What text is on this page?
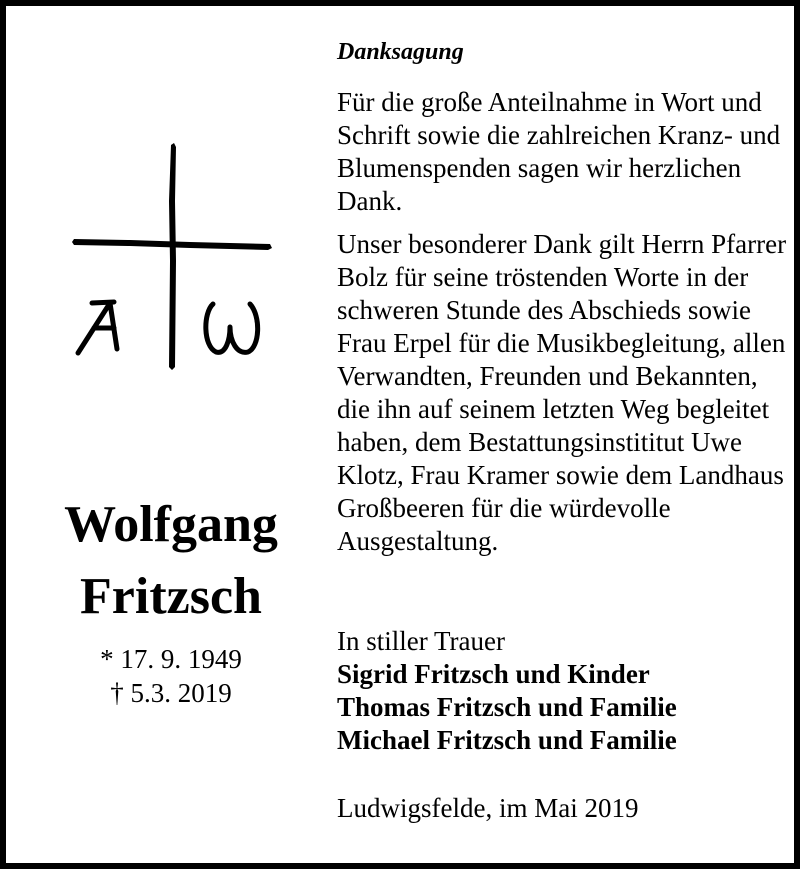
Wolfgang
Fritzsch
* 17. 9. 1949
† 5.3. 2019
Danksagung

Für die große Anteilnahme in Wort und Schrift sowie die zahlreichen Kranz- und Blumenspenden sagen wir herzlichen Dank.

Unser besonderer Dank gilt Herrn Pfarrer Bolz für seine tröstenden Worte in der schweren Stunde des Abschieds sowie Frau Erpel für die Musikbegleitung, allen Verwandten, Freunden und Bekannten, die ihn auf seinem letzten Weg begleitet haben, dem Bestattungsinstititut Uwe Klotz, Frau Kramer sowie dem Landhaus Großbeeren für die würdevolle Ausgestaltung.

In stiller Trauer
Sigrid Fritzsch und Kinder
Thomas Fritzsch und Familie
Michael Fritzsch und Familie
Ludwigsfelde, im Mai 2019
